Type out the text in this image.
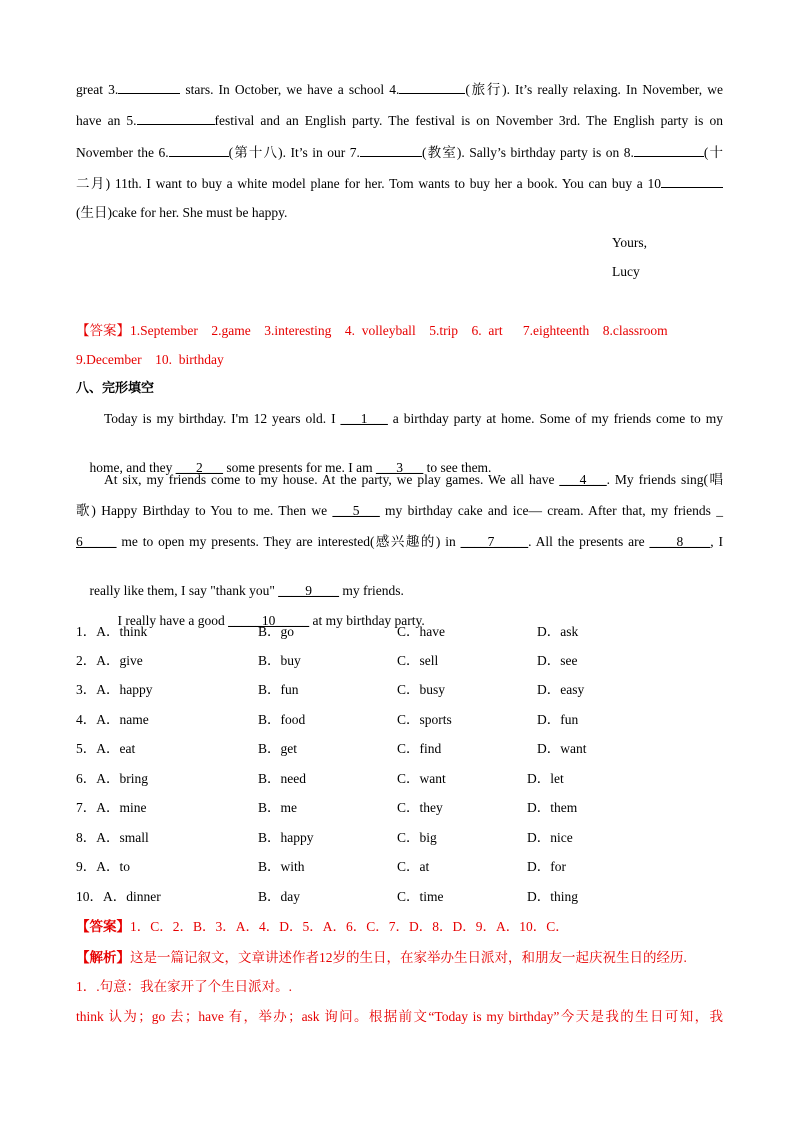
great 3.	stars. In October, we have a school 4.	(旅行). It’s really relaxing. In November, we
have an 5.	festival and an English party. The festival is on November 3rd. The English party is on
November the 6.	(第十八). It’s in our 7.	(教室). Sally’s birthday party is on 8.	(十
二月) 11th. I want to buy a white model plane for her. Tom wants to buy her a book. You can buy a 10
(生日)cake for her. She must be happy.
Yours,
Lucy
【答案】1.September    2.game    3.interesting    4.  volleyball    5.trip    6.  art      7.eighteenth    8.classroom
9.December    10.  birthday
八、完形填空
Today is my birthday. I'm 12 years old. I ___1___ a birthday party at home. Some of my friends come to my

home, and they ___2___ some presents for me. I am ___3___ to see them.

At six, my friends come to my house. At the party, we play games. We all have ___4___. My friends sing(唱
歌) Happy Birthday to You to me. Then we ___5___ my birthday cake and ice— cream. After that, my friends _
6_____ me to open my presents. They are interested(感兴趣的) in ____7_____. All the presents are ____8____, I

really like them, I say "thank you" ____9____ my friends.

I really have a good _____10_____ at my birthday party.

1．A．think	B．go	C．have	D．ask
2．A．give	B．buy	C．sell	D．see
3．A．happy	B．fun	C．busy	D．easy
4．A．name	B．food	C．sports	D．fun
5．A．eat	B．get	C．find	D．want
6．A．bring	B．need	C．want	D．let
7．A．mine	B．me	C．they	D．them
8．A．small	B．happy	C．big	D．nice
9．A．to	B．with	C．at	D．for
10．A．dinner	B．day	C．time	D．thing
【答案】1．C．2．B．3．A．4．D．5．A．6．C．7．D．8．D．9．A．10．C．
【解析】这是一篇记叙文，文章讲述作者12岁的生日，在家举办生日派对，和朋友一起庆祝生日的经历.
1．.句意：我在家开了个生日派对。.
think 认为；go 去；have 有，举办；ask 询问。根据前文“Today is my birthday”今天是我的生日可知，我
